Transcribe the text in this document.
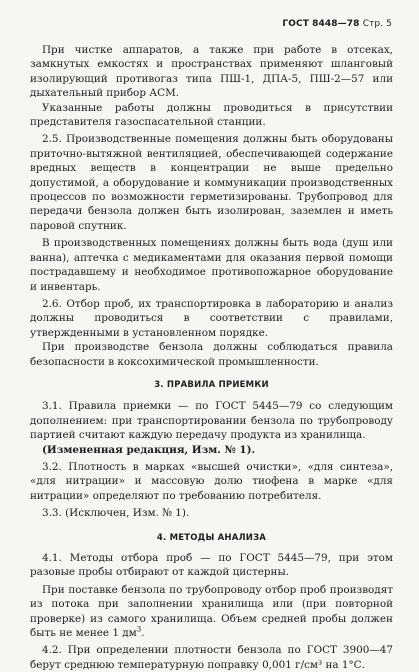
ГОСТ 8448—78 Стр. 5

При чистке аппаратов, а также при работе в отсеках, замкнутых емкостях и пространствах применяют шланговый изолирующий противогаз типа ПШ-1, ДПА-5, ПШ-2—57 или дыхательный прибор АСМ.

Указанные работы должны проводиться в присутствии представителя газоспасательной станции.

2.5. Производственные помещения должны быть оборудованы приточно-вытяжной вентиляцией, обеспечивающей содержание вредных веществ в концентрации не выше предельно допустимой, а оборудование и коммуникации производственных процессов по возможности герметизированы. Трубопровод для передачи бензола должен быть изолирован, заземлен и иметь паровой спутник.

В производственных помещениях должны быть вода (душ или ванна), аптечка с медикаментами для оказания первой помощи пострадавшему и необходимое противопожарное оборудование и инвентарь.

2.6. Отбор проб, их транспортировка в лабораторию и анализ должны проводиться в соответствии с правилами, утвержденными в установленном порядке.

При производстве бензола должны соблюдаться правила безопасности в коксохимической промышленности.

3. ПРАВИЛА ПРИЕМКИ

3.1. Правила приемки — по ГОСТ 5445—79 со следующим дополнением: при транспортировании бензола по трубопроводу партией считают каждую передачу продукта из хранилища.

(Измененная редакция, Изм. № 1).

3.2. Плотность в марках «высшей очистки», «для синтеза», «для нитрации» и массовую долю тиофена в марке «для нитрации» определяют по требованию потребителя.

3.3. (Исключен, Изм. № 1).

4. МЕТОДЫ АНАЛИЗА

4.1. Методы отбора проб — по ГОСТ 5445—79, при этом разовые пробы отбирают от каждой цистерны.

При поставке бензола по трубопроводу отбор проб производят из потока при заполнении хранилища или (при повторной проверке) из самого хранилища. Объем средней пробы должен быть не менее 1 $дм^3$.

4.2. При определении плотности бензола по ГОСТ 3900—47 берут среднюю температурную поправку 0,001 г/см³ на 1°С.
